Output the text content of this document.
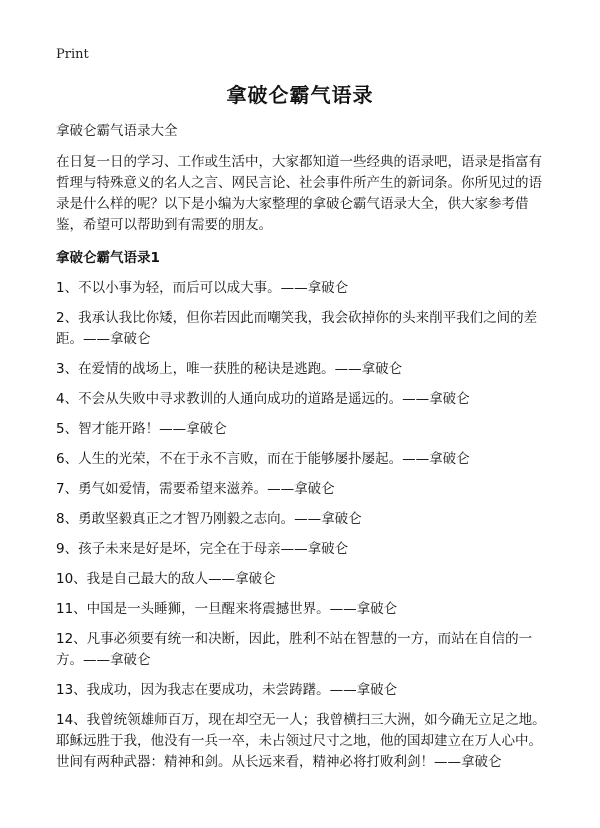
Print
拿破仑霸气语录

拿破仑霸气语录大全

在日复一日的学习、工作或生活中，大家都知道一些经典的语录吧，语录是指富有哲理与特殊意义的名人之言、网民言论、社会事件所产生的新词条。你所见过的语录是什么样的呢？以下是小编为大家整理的拿破仑霸气语录大全，供大家参考借鉴，希望可以帮助到有需要的朋友。

拿破仑霸气语录1

1、不以小事为轻，而后可以成大事。——拿破仑

2、我承认我比你矮，但你若因此而嘲笑我，我会砍掉你的头来削平我们之间的差距。——拿破仑

3、在爱情的战场上，唯一获胜的秘诀是逃跑。——拿破仑

4、不会从失败中寻求教训的人通向成功的道路是遥远的。——拿破仑

5、智才能开路！——拿破仑

6、人生的光荣，不在于永不言败，而在于能够屡扑屡起。——拿破仑

7、勇气如爱情，需要希望来滋养。——拿破仑

8、勇敢坚毅真正之才智乃刚毅之志向。——拿破仑

9、孩子未来是好是坏，完全在于母亲——拿破仑

10、我是自己最大的敌人——拿破仑

11、中国是一头睡狮，一旦醒来将震撼世界。——拿破仑

12、凡事必须要有统一和决断，因此，胜利不站在智慧的一方，而站在自信的一方。——拿破仑

13、我成功，因为我志在要成功，未尝踌躇。——拿破仑

14、我曾统领雄师百万，现在却空无一人；我曾横扫三大洲，如今确无立足之地。耶稣远胜于我，他没有一兵一卒，未占领过尺寸之地，他的国却建立在万人心中。世间有两种武器：精神和剑。从长远来看，精神必将打败利剑！——拿破仑
